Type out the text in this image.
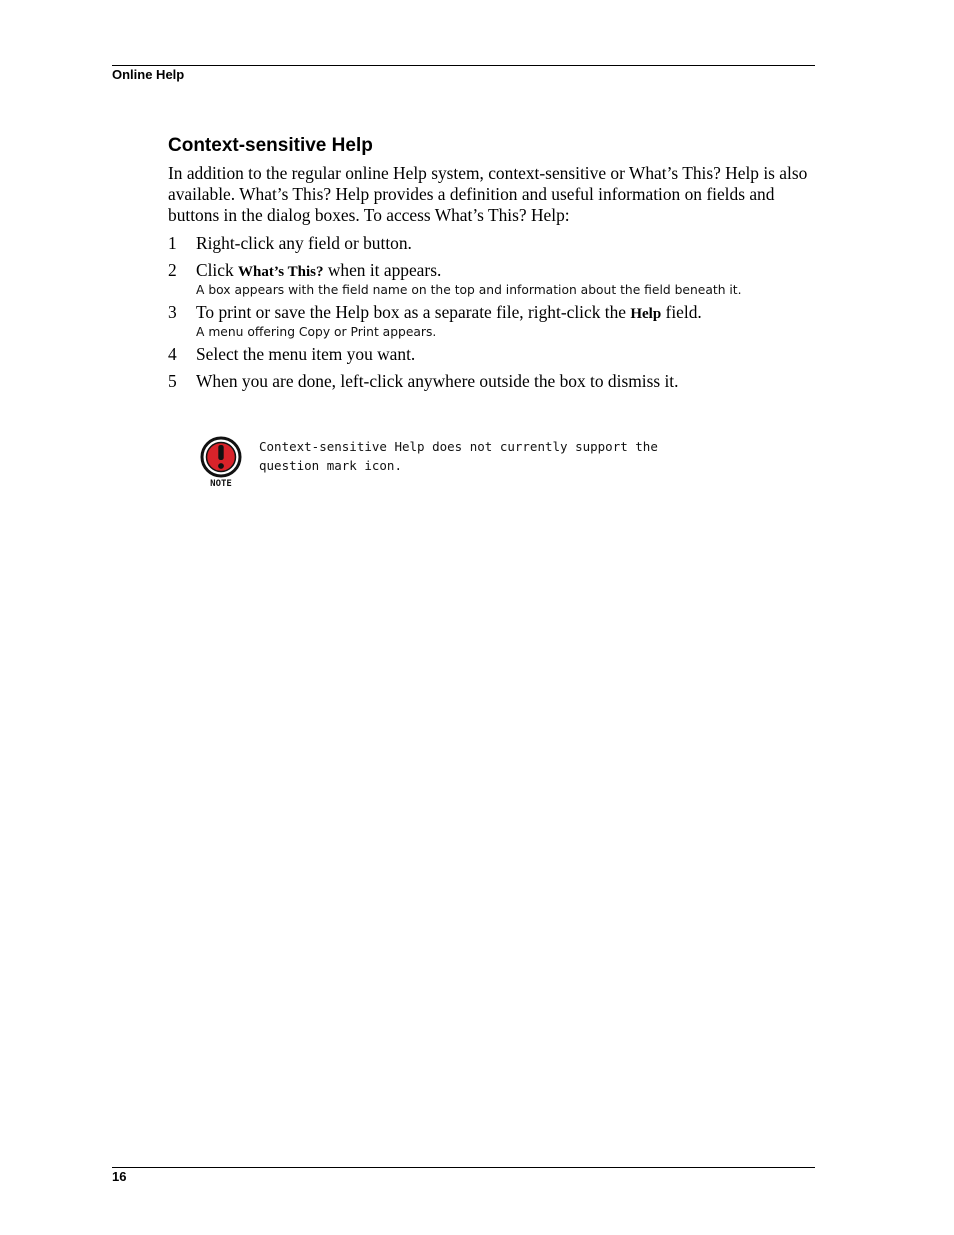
Online Help
Context-sensitive Help

In addition to the regular online Help system, context-sensitive or What’s This? Help is also available. What’s This? Help provides a definition and useful information on fields and buttons in the dialog boxes. To access What’s This? Help:

1 Right-click any field or button.
2 Click What’s This? when it appears.
A box appears with the field name on the top and information about the field beneath it.
3 To print or save the Help box as a separate file, right-click the Help field.
A menu offering Copy or Print appears.
4 Select the menu item you want.
5 When you are done, left-click anywhere outside the box to dismiss it.
NOTE

Context-sensitive Help does not currently support the question mark icon.

16
